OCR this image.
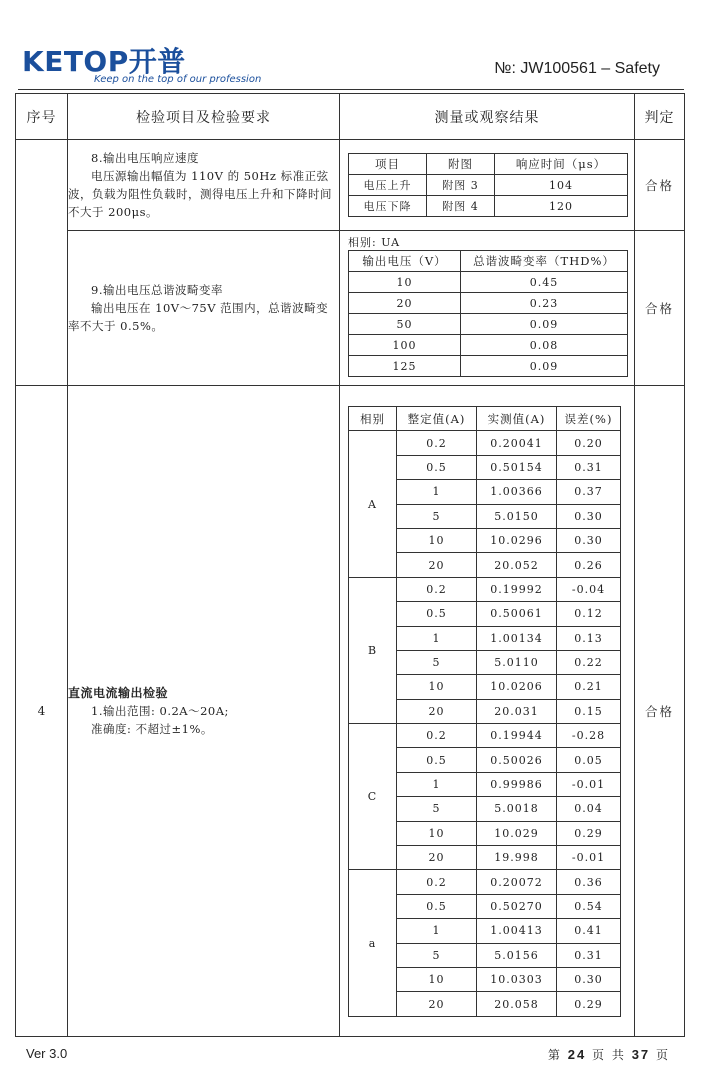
KETOP开普
Keep on the top of our profession
№: JW100561 – Safety
序号	检验项目及检验要求	测量或观察结果	判定

8.输出电压响应速度

电压源输出幅值为 110V 的 50Hz 标准正弦波，负载为阻性负载时，测得电压上升和下降时间不大于 200μs。

项目	附图	响应时间（μs）
电压上升	附图 3	104
电压下降	附图 4	120
	合格

9.输出电压总谐波畸变率

输出电压在 10V～75V 范围内，总谐波畸变率不大于 0.5%。

相别: UA
输出电压（V）	总谐波畸变率（THD%）
10	0.45
20	0.23
50	0.09
100	0.08
125	0.09
	合格
4	

直流电流输出检验

1.输出范围: 0.2A～20A;

准确度: 不超过±1%。

相别	整定值(A)	实测值(A)	误差(%)
A	0.2	0.20041	0.20
0.5	0.50154	0.31
1	1.00366	0.37
5	5.0150	0.30
10	10.0296	0.30
20	20.052	0.26
B	0.2	0.19992	-0.04
0.5	0.50061	0.12
1	1.00134	0.13
5	5.0110	0.22
10	10.0206	0.21
20	20.031	0.15
C	0.2	0.19944	-0.28
0.5	0.50026	0.05
1	0.99986	-0.01
5	5.0018	0.04
10	10.029	0.29
20	19.998	-0.01
a	0.2	0.20072	0.36
0.5	0.50270	0.54
1	1.00413	0.41
5	5.0156	0.31
10	10.0303	0.30
20	20.058	0.29
	合格
Ver 3.0	第 24 页 共 37 页
